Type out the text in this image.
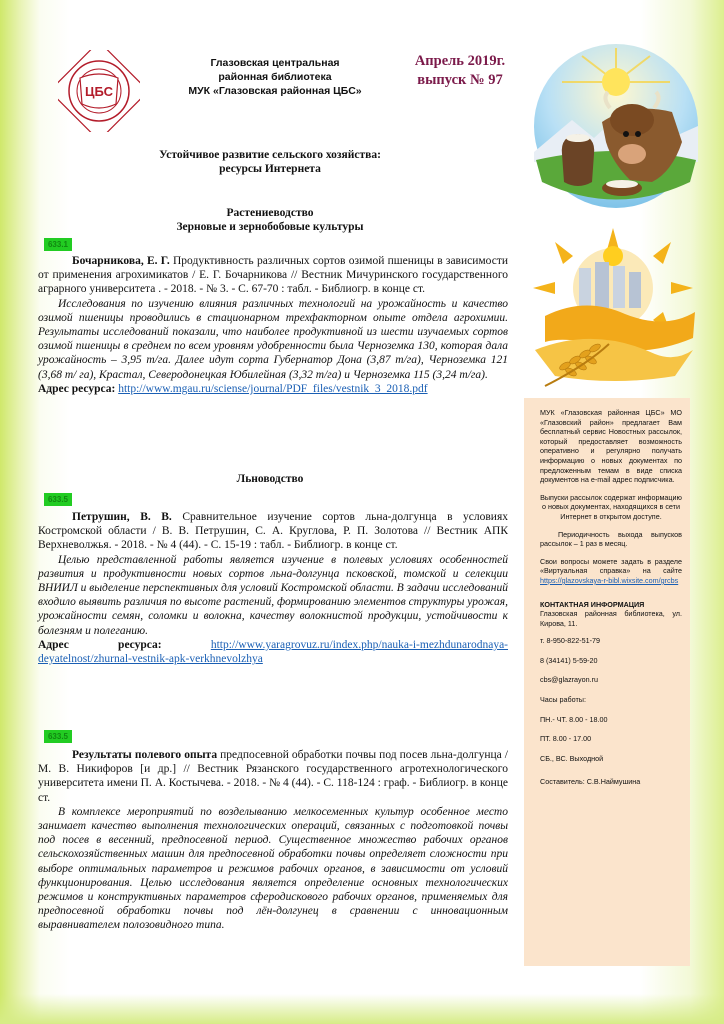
ЦБС
Глазовская центральная
районная библиотека
МУК «Глазовская районная ЦБС»
Апрель 2019г.
выпуск № 97
Устойчивое развитие сельского хозяйства:
ресурсы Интернета
Растениеводство
Зерновые и зернобобовые культуры
633.1

Бочарникова, Е. Г. Продуктивность различных сортов озимой пшеницы в зависимости от применения агрохимикатов / Е. Г. Бочарникова // Вестник Мичуринского государственного аграрного университета . - 2018. - № 3. - С. 67-70 : табл. - Библиогр. в конце ст.

Исследования по изучению влияния различных технологий на урожайность и качество озимой пшеницы проводились в стационарном трехфакторном опыте отдела агрохимии. Результаты исследований показали, что наиболее продуктивной из шести изучаемых сортов озимой пшеницы в среднем по всем уровням удобренности была Черноземка 130, которая дала урожайность – 3,95 т/га. Далее идут сорта Губернатор Дона (3,87 т/га), Черноземка 121 (3,68 т/ га), Крастал, Северодонецкая Юбилейная (3,32 т/га) и Черноземка 115 (3,24 т/га).

Адрес ресурса: http://www.mgau.ru/sciense/journal/PDF_files/vestnik_3_2018.pdf

Льноводство
633.5

Петрушин, В. В. Сравнительное изучение сортов льна-долгунца в условиях Костромской области / В. В. Петрушин, С. А. Круглова, Р. П. Золотова // Вестник АПК Верхневолжья. - 2018. - № 4 (44). - С. 15-19 : табл. - Библиогр. в конце ст.

Целью представленной работы является изучение в полевых условиях особенностей развития и продуктивности новых сортов льна-долгунца псковской, томской и селекции ВНИИЛ и выделение перспективных для условий Костромской области. В задачи исследований входило выявить различия по высоте растений, формированию элементов структуры урожая, урожайности семян, соломки и волокна, качеству волокнистой продукции, устойчивости к болезням и полеганию.

Адрес ресурса:	http://www.yaragrovuz.ru/index.php/nauka-i-mezhdunarodnaya-deyatelnost/zhurnal-vestnik-apk-verkhnevolzhya

633.5

Результаты полевого опыта предпосевной обработки почвы под посев льна-долгунца / М. В. Никифоров [и др.] // Вестник Рязанского государственного агротехнологического университета имени П. А. Костычева. - 2018. - № 4 (44). - С. 118-124 : граф. - Библиогр. в конце ст.

В комплексе мероприятий по возделыванию мелкосеменных культур особенное место занимает качество выполнения технологических операций, связанных с подготовкой почвы под посев в весенний, предпосевной период. Существенное множество рабочих органов сельскохозяйственных машин для предпосевной обработки почвы определяет сложности при выборе оптимальных параметров и режимов рабочих органов, в зависимости от условий функционирования. Целью исследования является определение основных технологических режимов и конструктивных параметров сферодискового рабочих органов, применяемых для предпосевной обработки почвы под лён-долгунец в сравнении с инновационным выравнивателем полозовидного типа.

МУК «Глазовская районная ЦБС» МО «Глазовский район» предлагает Вам бесплатный сервис Новостных рассылок, который предоставляет возможность оперативно и регулярно получать информацию о новых документах по предложенным темам в виде списка документов на e-mail адрес подписчика.

Выпуски рассылок содержат информацию о новых документах, находящихся в сети Интернет в открытом доступе.

Периодичность выхода выпусков рассылок – 1 раз в месяц.

Свои вопросы можете задать в разделе «Виртуальная справка» на сайте https://glazovskaya-r-bibl.wixsite.com/grcbs

КОНТАКТНАЯ ИНФОРМАЦИЯ

Глазовская районная библиотека, ул. Кирова, 11.

т. 8-950-822-51-79

8 (34141) 5-59-20

cbs@glazrayon.ru

Часы работы:

ПН.- ЧТ. 8.00 - 18.00

ПТ. 8.00 - 17.00

СБ., ВС. Выходной

Составитель: С.В.Наймушина
